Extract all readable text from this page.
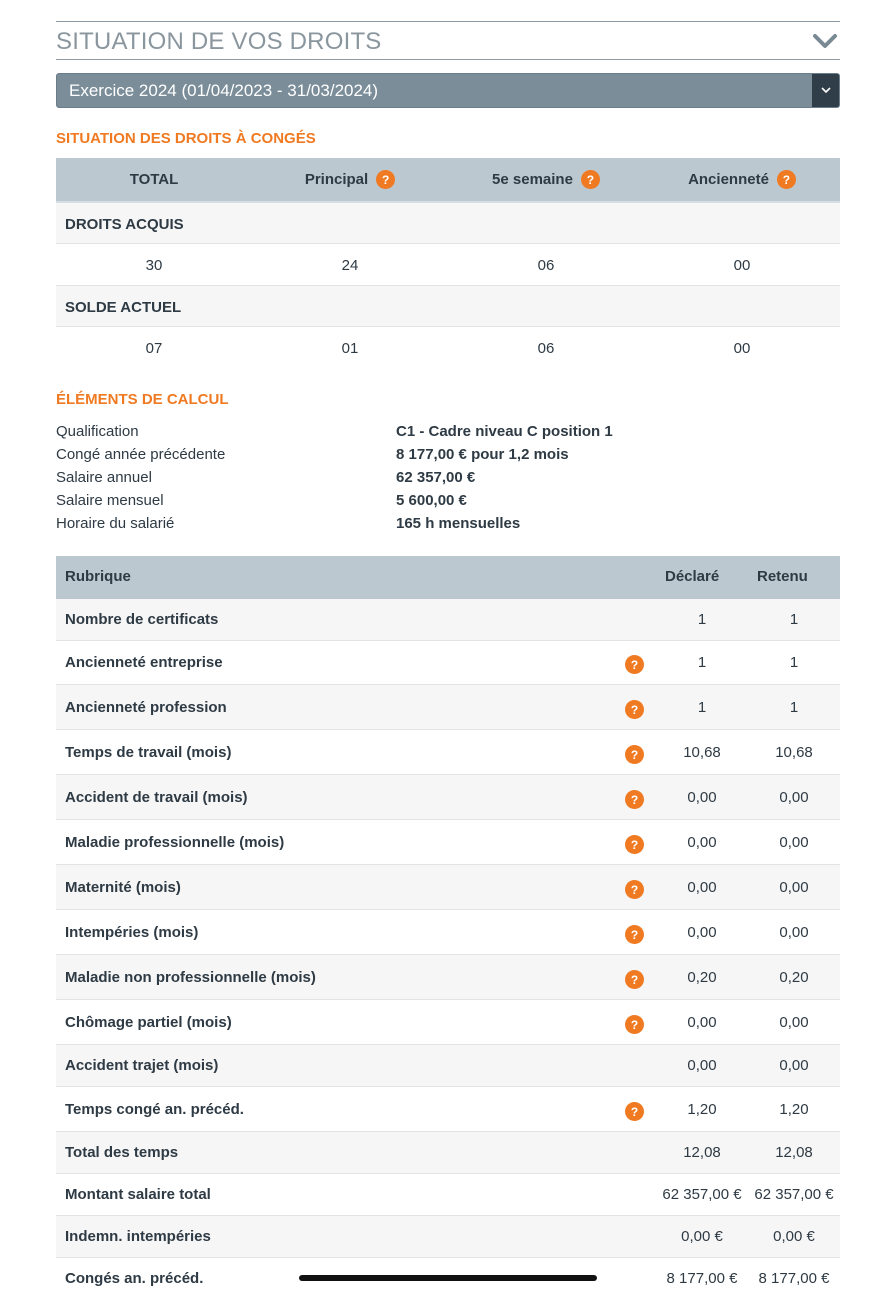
SITUATION DE VOS DROITS
Exercice 2024 (01/04/2023 - 31/03/2024)
SITUATION DES DROITS À CONGÉS
TOTAL	Principal	?	5e semaine	?	Ancienneté	?
DROITS ACQUIS
30	24	06	00
SOLDE ACTUEL
07	01	06	00
ÉLÉMENTS DE CALCUL
Qualification	C1 - Cadre niveau C position 1
Congé année précédente	8 177,00 € pour 1,2 mois
Salaire annuel	62 357,00 €
Salaire mensuel	5 600,00 €
Horaire du salarié	165 h mensuelles
Rubrique	Déclaré	Retenu
Nombre de certificats	1	1
Ancienneté entreprise	?	1	1
Ancienneté profession	?	1	1
Temps de travail (mois)	?	10,68	10,68
Accident de travail (mois)	?	0,00	0,00
Maladie professionnelle (mois)	?	0,00	0,00
Maternité (mois)	?	0,00	0,00
Intempéries (mois)	?	0,00	0,00
Maladie non professionnelle (mois)	?	0,20	0,20
Chômage partiel (mois)	?	0,00	0,00
Accident trajet (mois)	0,00	0,00
Temps congé an. précéd.	?	1,20	1,20
Total des temps	12,08	12,08
Montant salaire total	62 357,00 € 62 357,00 €
Indemn. intempéries	0,00 €	0,00 €
Congés an. précéd.	8 177,00 €	8 177,00 €
